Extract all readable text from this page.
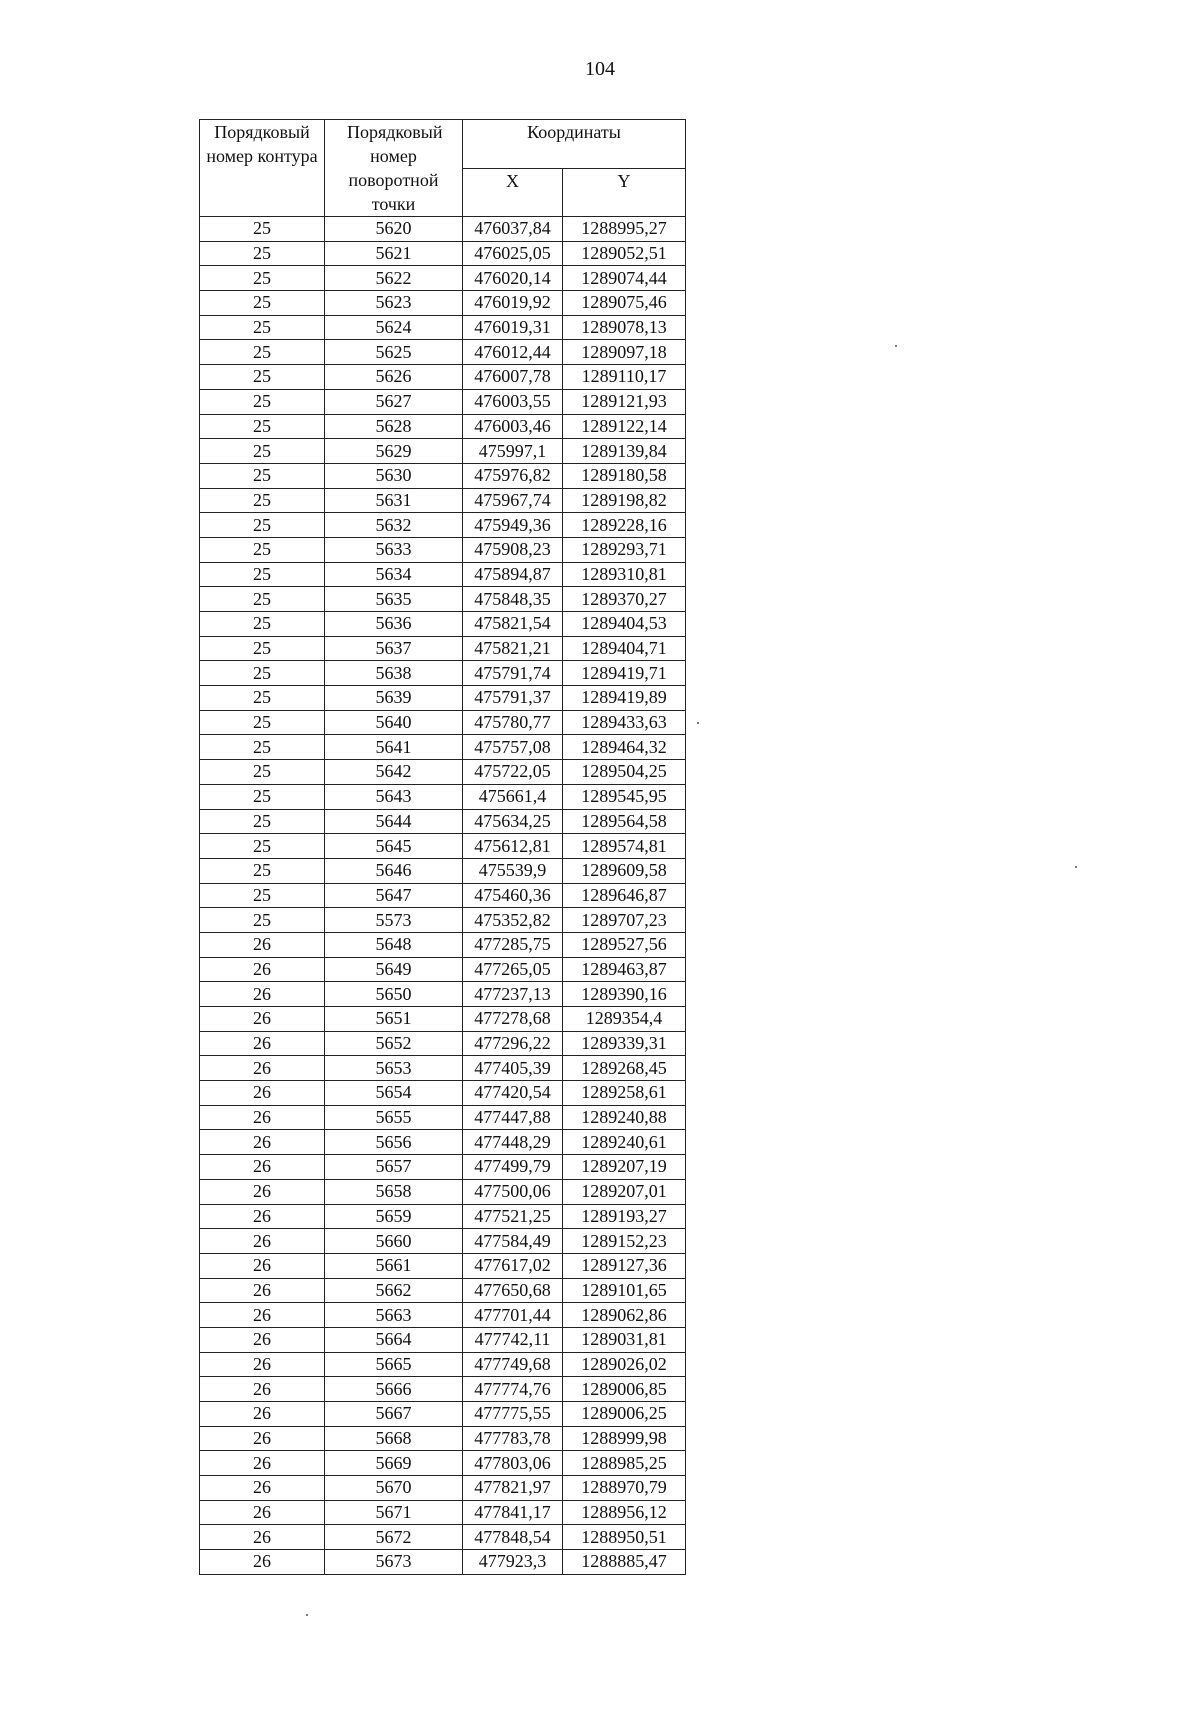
104
Порядковый номер контура	Порядковый номер поворотной точки	Координаты	
		X	Y
25	5620	476037,84	1288995,27
25	5621	476025,05	1289052,51
25	5622	476020,14	1289074,44
25	5623	476019,92	1289075,46
25	5624	476019,31	1289078,13
25	5625	476012,44	1289097,18
25	5626	476007,78	1289110,17
25	5627	476003,55	1289121,93
25	5628	476003,46	1289122,14
25	5629	475997,1	1289139,84
25	5630	475976,82	1289180,58
25	5631	475967,74	1289198,82
25	5632	475949,36	1289228,16
25	5633	475908,23	1289293,71
25	5634	475894,87	1289310,81
25	5635	475848,35	1289370,27
25	5636	475821,54	1289404,53
25	5637	475821,21	1289404,71
25	5638	475791,74	1289419,71
25	5639	475791,37	1289419,89
25	5640	475780,77	1289433,63
25	5641	475757,08	1289464,32
25	5642	475722,05	1289504,25
25	5643	475661,4	1289545,95
25	5644	475634,25	1289564,58
25	5645	475612,81	1289574,81
25	5646	475539,9	1289609,58
25	5647	475460,36	1289646,87
25	5573	475352,82	1289707,23
26	5648	477285,75	1289527,56
26	5649	477265,05	1289463,87
26	5650	477237,13	1289390,16
26	5651	477278,68	1289354,4
26	5652	477296,22	1289339,31
26	5653	477405,39	1289268,45
26	5654	477420,54	1289258,61
26	5655	477447,88	1289240,88
26	5656	477448,29	1289240,61
26	5657	477499,79	1289207,19
26	5658	477500,06	1289207,01
26	5659	477521,25	1289193,27
26	5660	477584,49	1289152,23
26	5661	477617,02	1289127,36
26	5662	477650,68	1289101,65
26	5663	477701,44	1289062,86
26	5664	477742,11	1289031,81
26	5665	477749,68	1289026,02
26	5666	477774,76	1289006,85
26	5667	477775,55	1289006,25
26	5668	477783,78	1288999,98
26	5669	477803,06	1288985,25
26	5670	477821,97	1288970,79
26	5671	477841,17	1288956,12
26	5672	477848,54	1288950,51
26	5673	477923,3	1288885,47
